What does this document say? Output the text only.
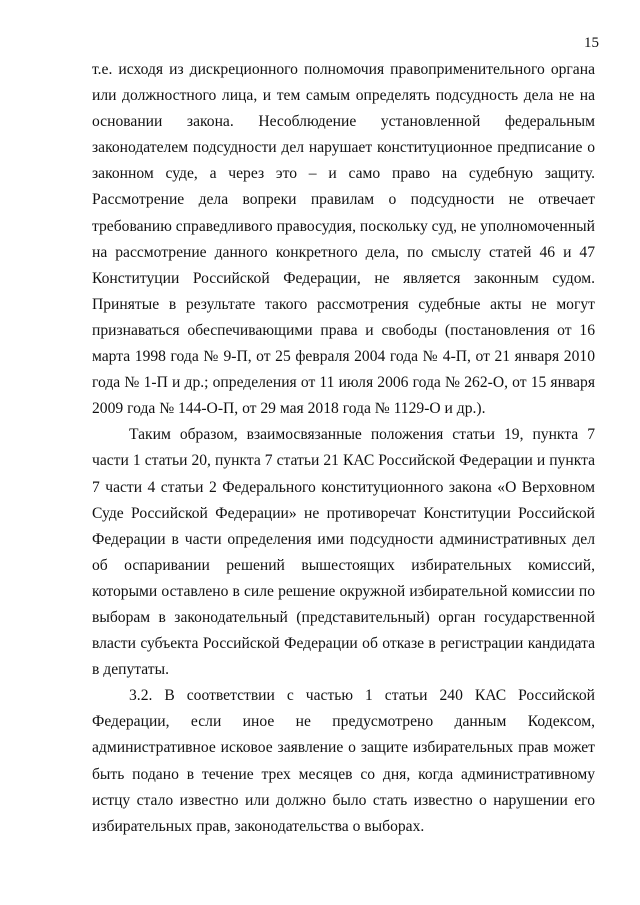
15

т.е. исходя из дискреционного полномочия правоприменительного органа или должностного лица, и тем самым определять подсудность дела не на основании закона. Несоблюдение установленной федеральным законодателем подсудности дел нарушает конституционное предписание о законном суде, а через это – и само право на судебную защиту. Рассмотрение дела вопреки правилам о подсудности не отвечает требованию справедливого правосудия, поскольку суд, не уполномоченный на рассмотрение данного конкретного дела, по смыслу статей 46 и 47 Конституции Российской Федерации, не является законным судом. Принятые в результате такого рассмотрения судебные акты не могут признаваться обеспечивающими права и свободы (постановления от 16 марта 1998 года № 9-П, от 25 февраля 2004 года № 4-П, от 21 января 2010 года № 1-П и др.; определения от 11 июля 2006 года № 262-О, от 15 января 2009 года № 144-О-П, от 29 мая 2018 года № 1129-О и др.).

Таким образом, взаимосвязанные положения статьи 19, пункта 7 части 1 статьи 20, пункта 7 статьи 21 КАС Российской Федерации и пункта 7 части 4 статьи 2 Федерального конституционного закона «О Верховном Суде Российской Федерации» не противоречат Конституции Российской Федерации в части определения ими подсудности административных дел об оспаривании решений вышестоящих избирательных комиссий, которыми оставлено в силе решение окружной избирательной комиссии по выборам в законодательный (представительный) орган государственной власти субъекта Российской Федерации об отказе в регистрации кандидата в депутаты.

3.2. В соответствии с частью 1 статьи 240 КАС Российской Федерации, если иное не предусмотрено данным Кодексом, административное исковое заявление о защите избирательных прав может быть подано в течение трех месяцев со дня, когда административному истцу стало известно или должно было стать известно о нарушении его избирательных прав, законодательства о выборах.
